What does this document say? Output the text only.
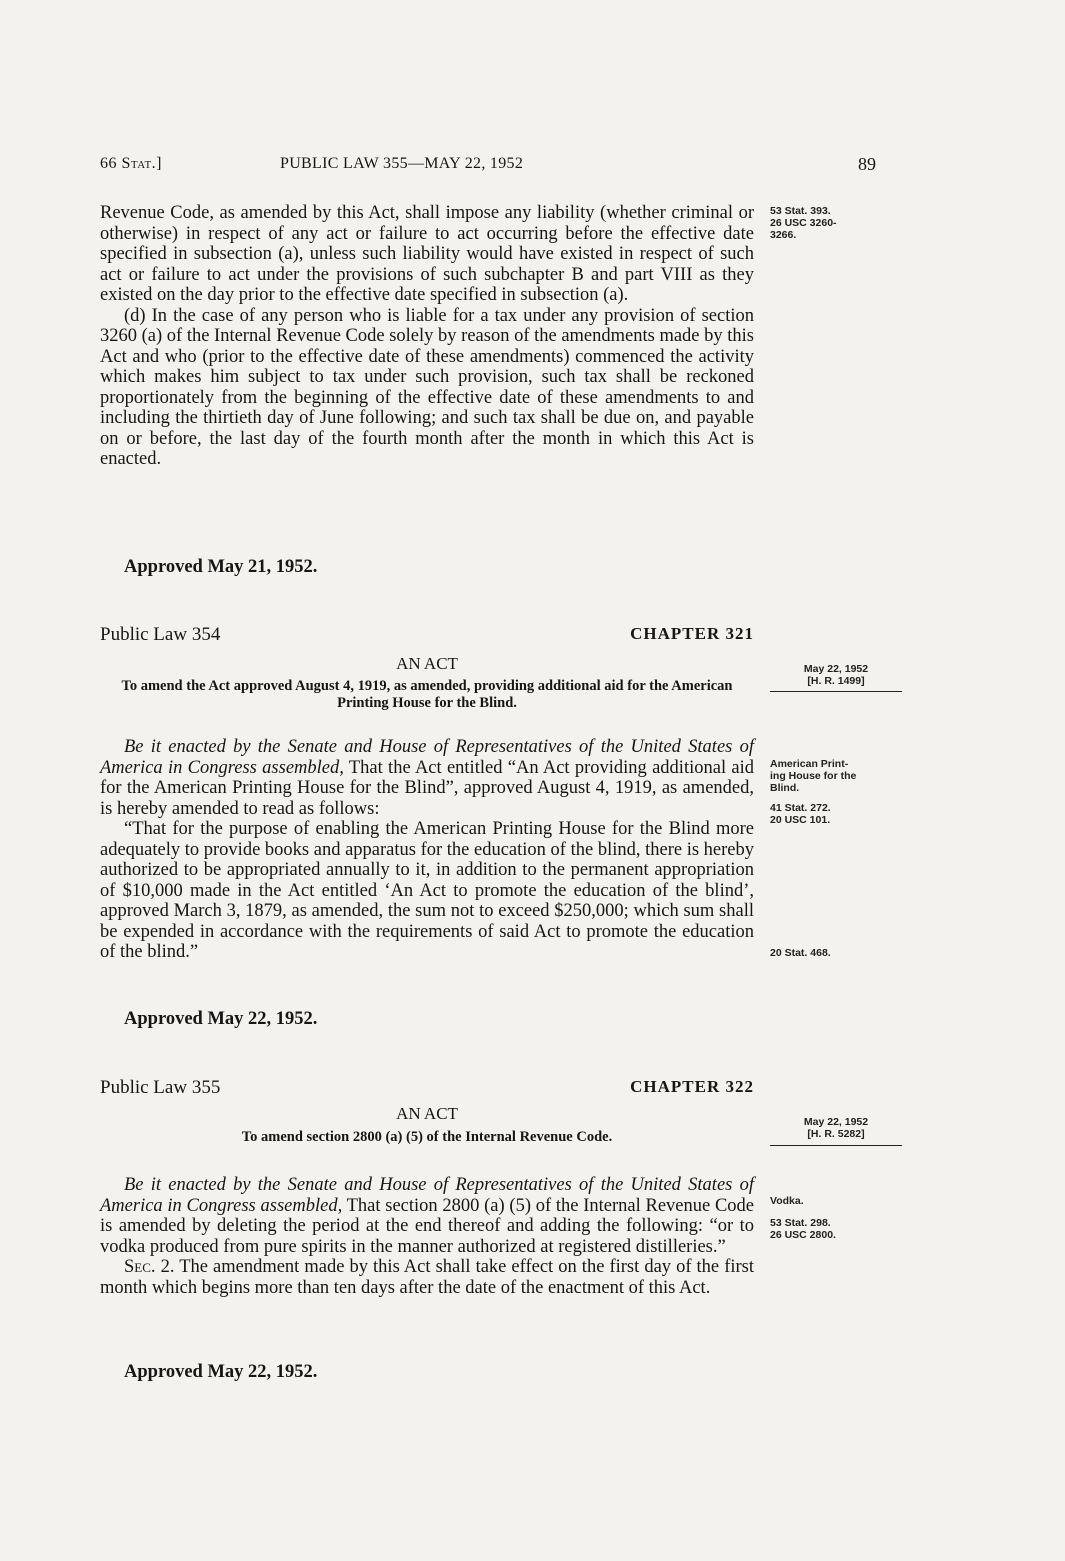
66 Stat.]	PUBLIC LAW 355—MAY 22, 1952	89

Revenue Code, as amended by this Act, shall impose any liability (whether criminal or otherwise) in respect of any act or failure to act occurring before the effective date specified in subsection (a), unless such liability would have existed in respect of such act or failure to act under the provisions of such subchapter B and part VIII as they existed on the day prior to the effective date specified in subsection (a).

(d) In the case of any person who is liable for a tax under any provision of section 3260 (a) of the Internal Revenue Code solely by reason of the amendments made by this Act and who (prior to the effective date of these amendments) commenced the activity which makes him subject to tax under such provision, such tax shall be reckoned proportionately from the beginning of the effective date of these amendments to and including the thirtieth day of June following; and such tax shall be due on, and payable on or before, the last day of the fourth month after the month in which this Act is enacted.

Approved May 21, 1952.
Public Law 354	CHAPTER 321
AN ACT
To amend the Act approved August 4, 1919, as amended, providing additional aid for the American Printing House for the Blind.

Be it enacted by the Senate and House of Representatives of the United States of America in Congress assembled, That the Act entitled “An Act providing additional aid for the American Printing House for the Blind”, approved August 4, 1919, as amended, is hereby amended to read as follows:

“That for the purpose of enabling the American Printing House for the Blind more adequately to provide books and apparatus for the education of the blind, there is hereby authorized to be appropriated annually to it, in addition to the permanent appropriation of $10,000 made in the Act entitled ‘An Act to promote the education of the blind’, approved March 3, 1879, as amended, the sum not to exceed $250,000; which sum shall be expended in accordance with the requirements of said Act to promote the education of the blind.”

Approved May 22, 1952.
Public Law 355	CHAPTER 322
AN ACT
To amend section 2800 (a) (5) of the Internal Revenue Code.

Be it enacted by the Senate and House of Representatives of the United States of America in Congress assembled, That section 2800 (a) (5) of the Internal Revenue Code is amended by deleting the period at the end thereof and adding the following: “or to vodka produced from pure spirits in the manner authorized at registered distilleries.”

Sec. 2. The amendment made by this Act shall take effect on the first day of the first month which begins more than ten days after the date of the enactment of this Act.

Approved May 22, 1952.
53 Stat. 393.
26 USC 3260-
3266.
May 22, 1952
[H. R. 1499]
American Print-
ing House for the
Blind.
41 Stat. 272.
20 USC 101.
20 Stat. 468.
May 22, 1952
[H. R. 5282]
Vodka.
53 Stat. 298.
26 USC 2800.
